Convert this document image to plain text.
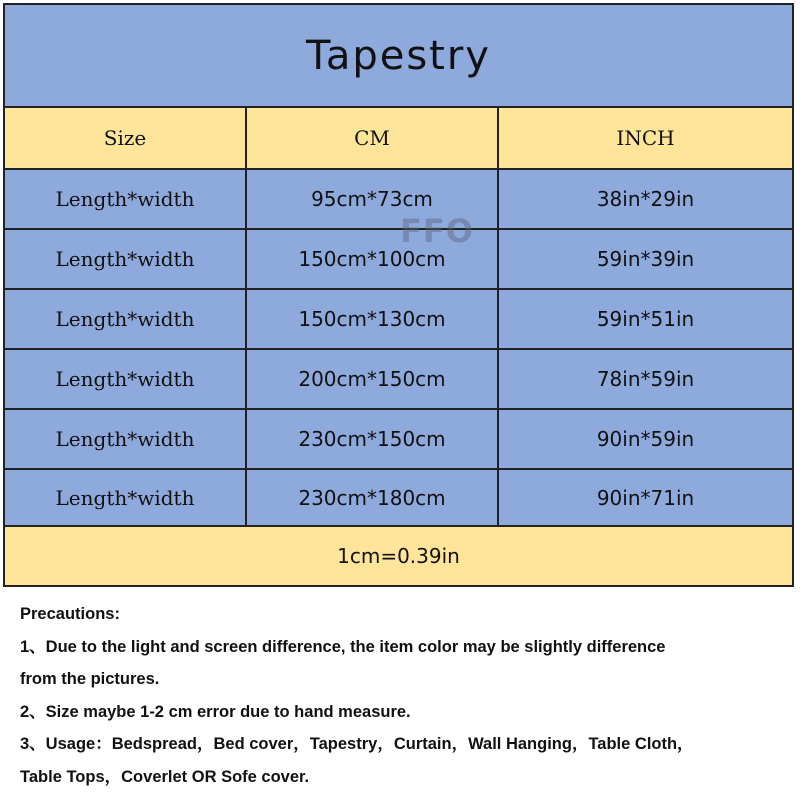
Tapestry
Size	CM	INCH
Length*width	95cm*73cm	38in*29in
Length*width	150cm*100cm	59in*39in
Length*width	150cm*130cm	59in*51in
Length*width	200cm*150cm	78in*59in
Length*width	230cm*150cm	90in*59in
Length*width	230cm*180cm	90in*71in
1cm=0.39in
FFO
Precautions:
1、Due to the light and screen difference, the item color may be slightly difference
from the pictures.
2、Size maybe 1-2 cm error due to hand measure.
3、Usage：Bedspread，Bed cover，Tapestry，Curtain，Wall Hanging，Table Cloth，
Table Tops，Coverlet OR Sofe cover.
